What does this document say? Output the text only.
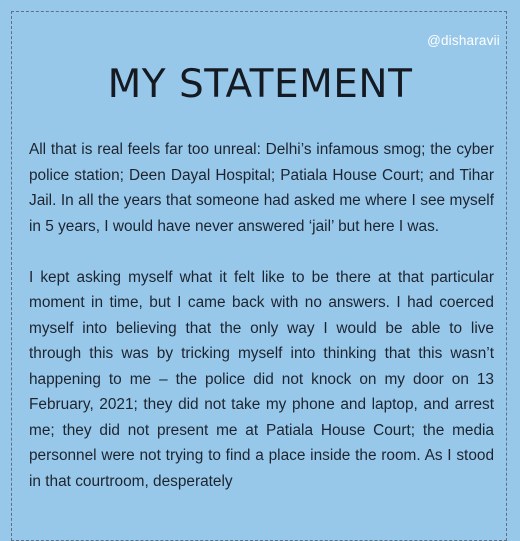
@disharavii
MY STATEMENT

All that is real feels far too unreal: Delhi’s infamous smog; the cyber police station; Deen Dayal Hospital; Patiala House Court; and Tihar Jail. In all the years that someone had asked me where I see myself in 5 years, I would have never answered ‘jail’ but here I was.

I kept asking myself what it felt like to be there at that particular moment in time, but I came back with no answers. I had coerced myself into believing that the only way I would be able to live through this was by tricking myself into thinking that this wasn’t happening to me – the police did not knock on my door on 13 February, 2021; they did not take my phone and laptop, and arrest me; they did not present me at Patiala House Court; the media personnel were not trying to find a place inside the room. As I stood in that courtroom, desperately
